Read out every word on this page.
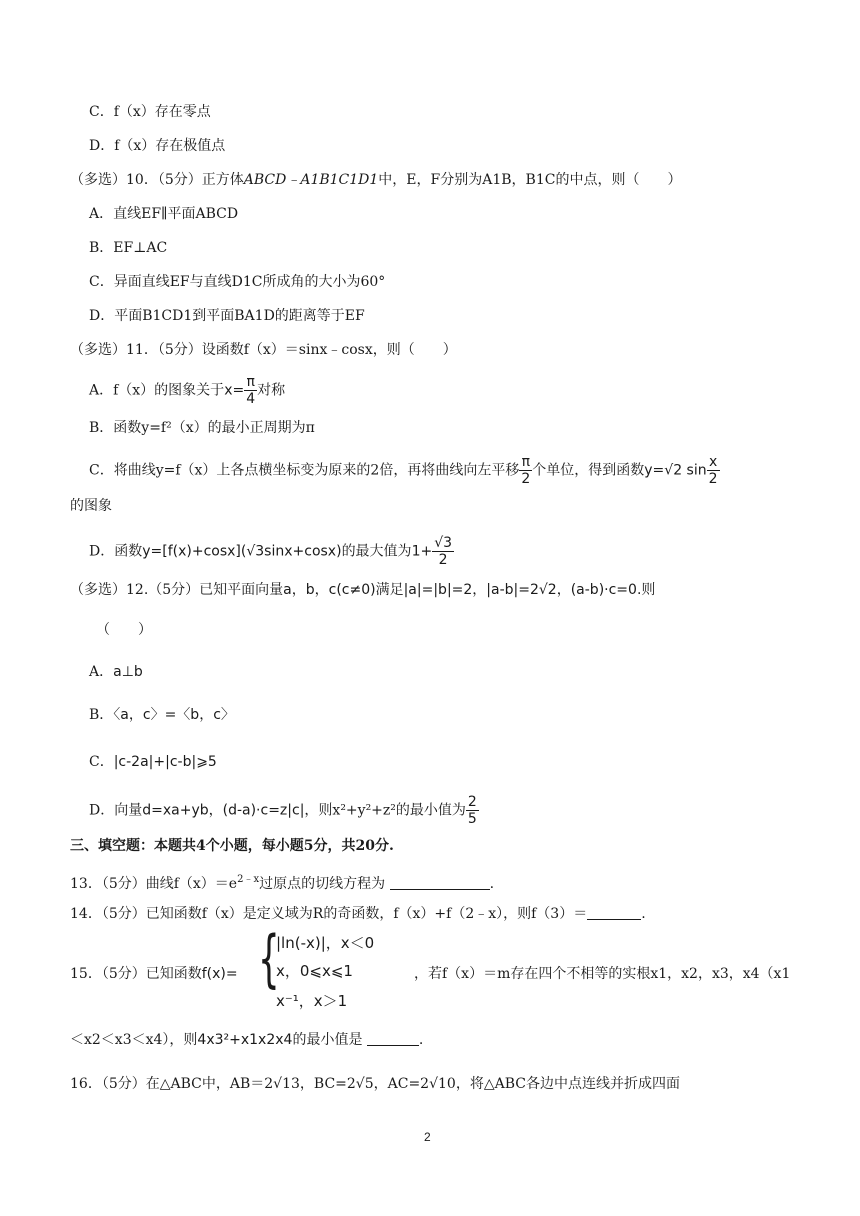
C．f（x）存在零点
D．f（x）存在极值点
（多选）10．（5分）正方体ABCD﹣A1B1C1D1中，E，F分别为A1B，B1C的中点，则（　　）
A．直线EF∥平面ABCD
B．EF⊥AC
C．异面直线EF与直线D1C所成角的大小为60°
D．平面B1CD1到平面BA1D的距离等于EF
（多选）11．（5分）设函数f（x）＝sinx﹣cosx，则（　　）
A．f（x）的图象关于$x= \frac{\pi}{4}$ 对称
B．函数y=f²（x）的最小正周期为π
C．将曲线y=f（x）上各点横坐标变为原来的2倍，再将曲线向左平移 $\frac{\pi}{2}$ 个单位，得到函数y=√2 $\sin \frac{x}{2}$
的图象
D．函数y=[f(x)+cosx](√3sinx+cosx)的最大值为$1+ \frac{√3}{2}$
（多选）12.（5分）已知平面向量a，b，c(c≠0)满足|a|=|b|=2，|a-b|=2√2，(a-b)·c=0.则
（　　）
A．a⊥b
B．〈a，c〉=〈b，c〉
C．|c-2a|+|c-b|⩾5
D．向量d=xa+yb，(d-a)·c=z|c|，则x²+y²+z²的最小值为 $\frac{2}{5}$
三、填空题：本题共4个小题，每小题5分，共20分.
13．（5分）曲线$f(x)=e^{2﹣x}$过原点的切线方程为	.
14．（5分）已知函数f（x）是定义域为R的奇函数，f（x）+f（2﹣x），则f（3）＝	.
15．（5分）已知函数f(x)= {
|ln(-x)|，x＜0
x，0⩽x⩽1
x⁻¹，x＞1
，若f（x）＝m存在四个不相等的实根x1，x2，x3，x4（x1
＜x2＜x3＜x4），则4x3²+x1x2x4的最小值是	.
16．（5分）在△ABC中，AB＝2√13，BC=2√5，AC=2√10，将△ABC各边中点连线并折成四面
2
